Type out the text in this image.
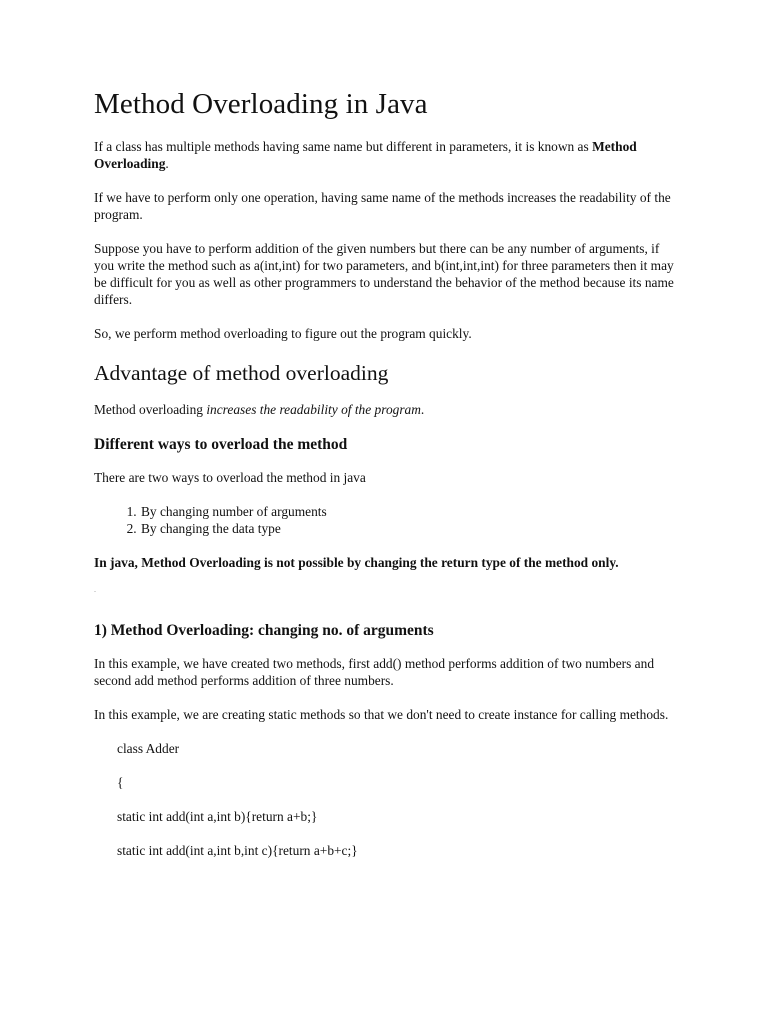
Method Overloading in Java

If a class has multiple methods having same name but different in parameters, it is known as Method Overloading.

If we have to perform only one operation, having same name of the methods increases the readability of the program.

Suppose you have to perform addition of the given numbers but there can be any number of arguments, if you write the method such as a(int,int) for two parameters, and b(int,int,int) for three parameters then it may be difficult for you as well as other programmers to understand the behavior of the method because its name differs.

So, we perform method overloading to figure out the program quickly.

Advantage of method overloading

Method overloading increases the readability of the program.

Different ways to overload the method

There are two ways to overload the method in java

1. By changing number of arguments
2. By changing the data type

In java, Method Overloading is not possible by changing the return type of the method only.

.
1) Method Overloading: changing no. of arguments

In this example, we have created two methods, first add() method performs addition of two numbers and second add method performs addition of three numbers.

In this example, we are creating static methods so that we don't need to create instance for calling methods.

class Adder
{
static int add(int a,int b){return a+b;}
static int add(int a,int b,int c){return a+b+c;}
